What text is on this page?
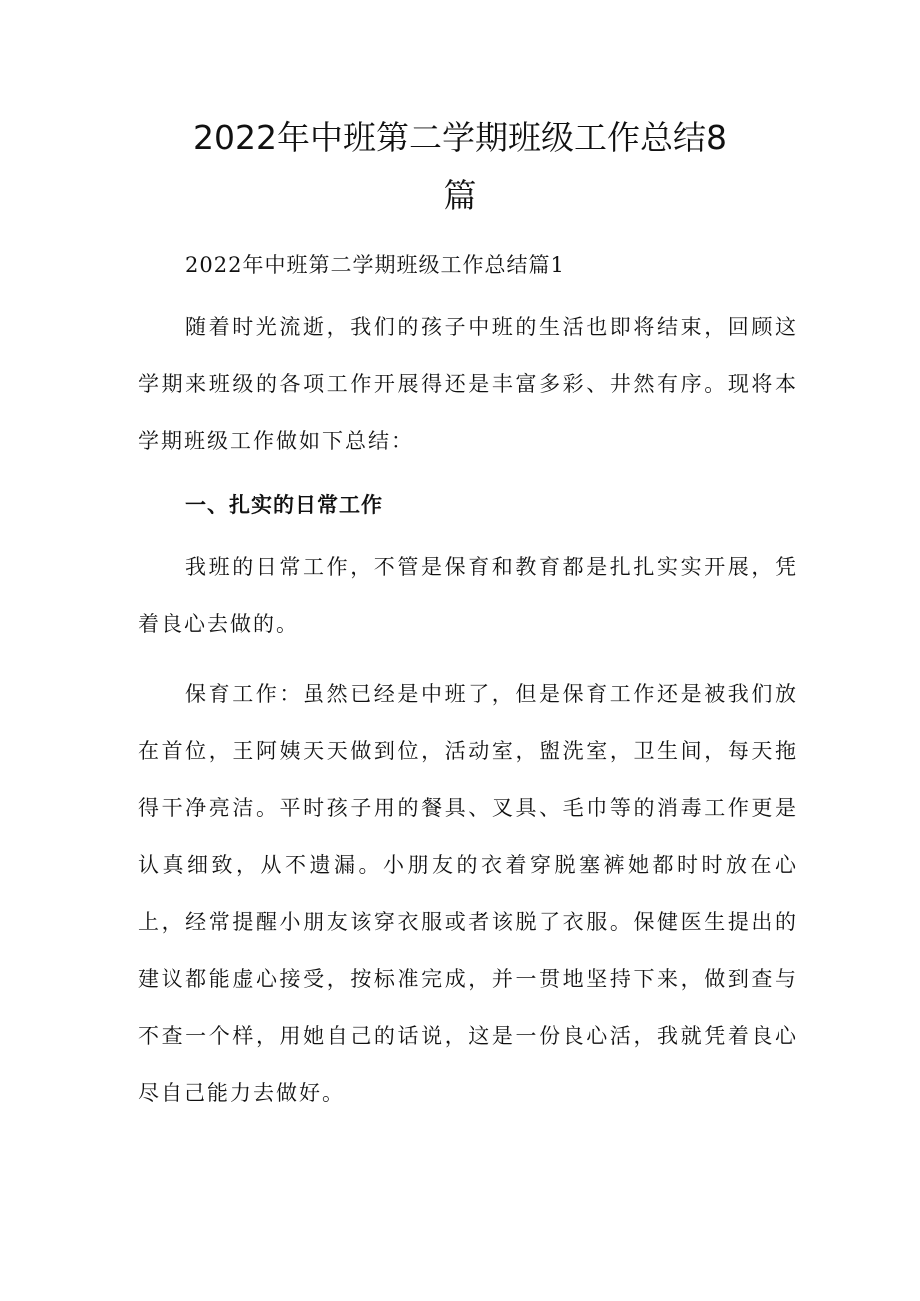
2022年中班第二学期班级工作总结8
篇
2022年中班第二学期班级工作总结篇1

随着时光流逝，我们的孩子中班的生活也即将结束，回顾这学期来班级的各项工作开展得还是丰富多彩、井然有序。现将本学期班级工作做如下总结：

一、扎实的日常工作

我班的日常工作，不管是保育和教育都是扎扎实实开展，凭着良心去做的。

保育工作：虽然已经是中班了，但是保育工作还是被我们放在首位，王阿姨天天做到位，活动室，盥洗室，卫生间，每天拖得干净亮洁。平时孩子用的餐具、叉具、毛巾等的消毒工作更是认真细致，从不遗漏。小朋友的衣着穿脱塞裤她都时时放在心上，经常提醒小朋友该穿衣服或者该脱了衣服。保健医生提出的建议都能虚心接受，按标准完成，并一贯地坚持下来，做到查与不查一个样，用她自己的话说，这是一份良心活，我就凭着良心尽自己能力去做好。
